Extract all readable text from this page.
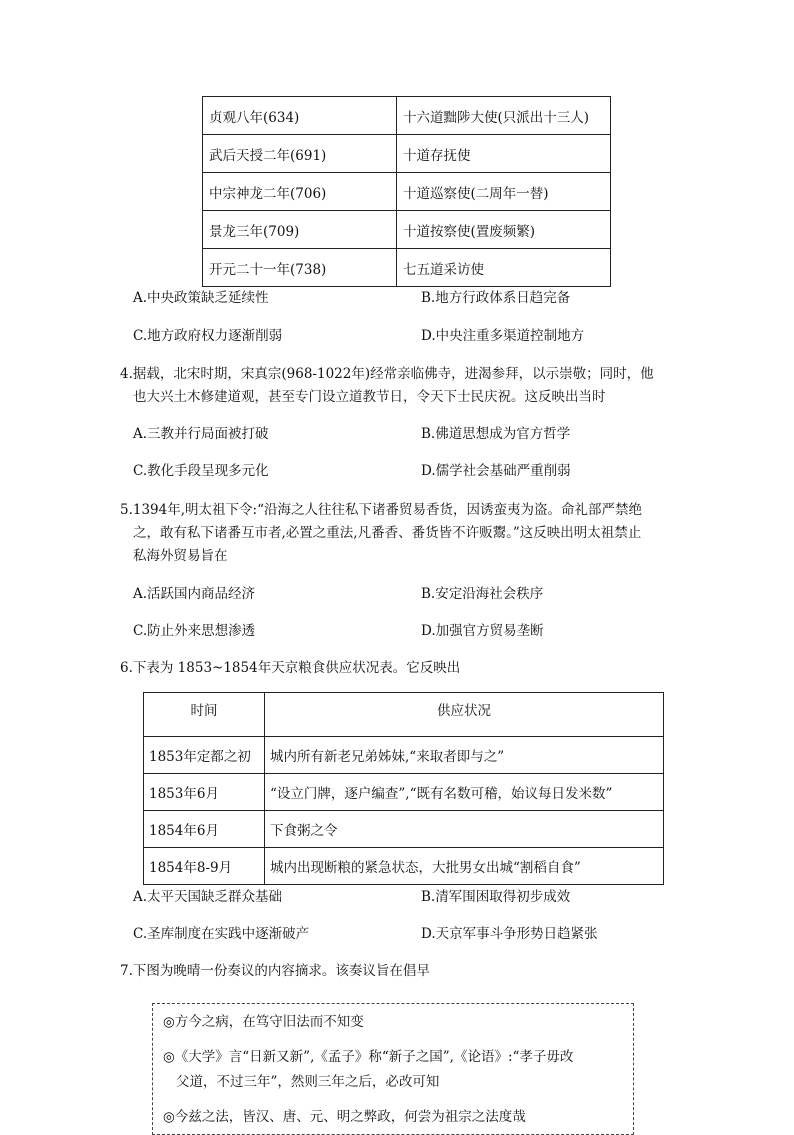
贞观八年(634)	十六道黜陟大使(只派出十三人)
武后天授二年(691)	十道存抚使
中宗神龙二年(706)	十道巡察使(二周年一替)
景龙三年(709)	十道按察使(置废频繁)
开元二十一年(738)	七五道采访使
A.中央政策缺乏延续性	B.地方行政体系日趋完备
C.地方政府权力逐渐削弱	D.中央注重多渠道控制地方
4.据载，北宋时期，宋真宗(968-1022年)经常亲临佛寺，进渴参拜，以示崇敬；同时，他
也大兴土木修建道观，甚至专门设立道教节日，令天下士民庆祝。这反映出当时
A.三教并行局面被打破	B.佛道思想成为官方哲学
C.教化手段呈现多元化	D.儒学社会基础严重削弱
5.1394年,明太祖下令:“沿海之人往往私下诸番贸易香货，因诱蛮夷为盗。命礼部严禁绝
之，敢有私下诸番互市者,必置之重法,凡番香、番货皆不许贩鬻。”这反映出明太祖禁止
私海外贸易旨在
A.活跃国内商品经济	B.安定沿海社会秩序
C.防止外来思想渗透	D.加强官方贸易垄断
6.下表为 1853~1854年天京粮食供应状况表。它反映出
时间	供应状况
1853年定都之初	城内所有新老兄弟姊妹,“来取者即与之”
1853年6月	“设立门牌，逐户编查”,“既有名数可稽，始议每日发米数”
1854年6月	下食粥之令
1854年8-9月	城内出现断粮的紧急状态，大批男女出城“割稻自食”
A.太平天国缺乏群众基础	B.清军围困取得初步成效
C.圣库制度在实践中逐渐破产	D.天京军事斗争形势日趋紧张
7.下图为晚晴一份奏议的内容摘求。该奏议旨在倡早
◎方今之病，在笃守旧法而不知变
◎《大学》言“日新又新”,《孟子》称“新子之国”,《论语》:“孝子毋改
父道，不过三年”，然则三年之后，必改可知
◎今兹之法，皆汉、唐、元、明之弊政，何尝为祖宗之法度哉
